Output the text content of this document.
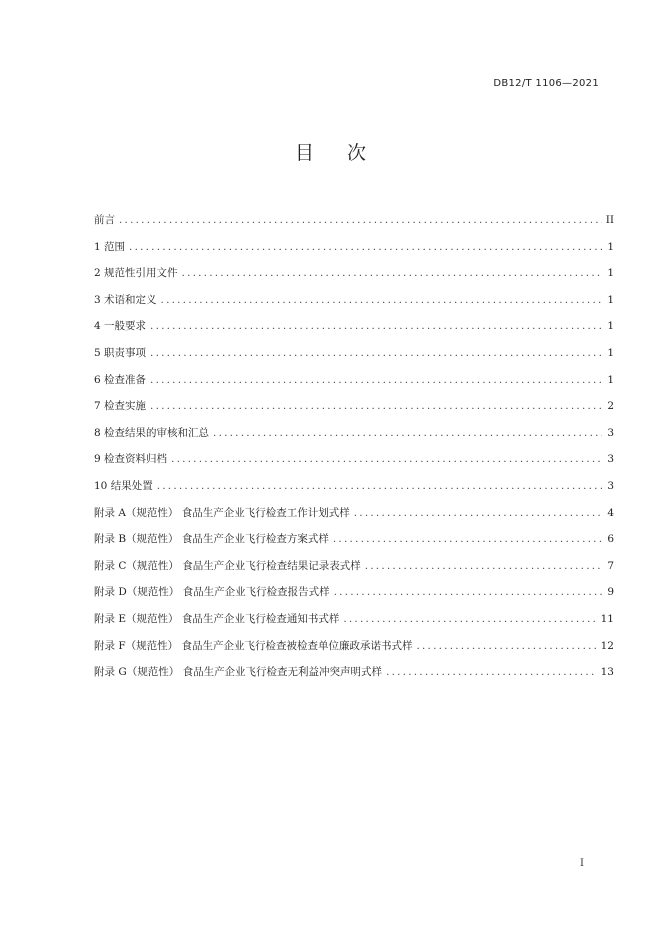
DB12/T 1106—2021
目 次
前言 .....	II
1 范围 .....	1
2 规范性引用文件 .....	1
3 术语和定义 .....	1
4 一般要求 .....	1
5 职责事项 .....	1
6 检查准备 .....	1
7 检查实施 .....	2
8 检查结果的审核和汇总 .....	3
9 检查资料归档 .....	3
10 结果处置 .....	3
附录 A（规范性） 食品生产企业飞行检查工作计划式样 .....	4
附录 B（规范性） 食品生产企业飞行检查方案式样 .....	6
附录 C（规范性） 食品生产企业飞行检查结果记录表式样 .....	7
附录 D（规范性） 食品生产企业飞行检查报告式样 .....	9
附录 E（规范性） 食品生产企业飞行检查通知书式样 .....	11
附录 F（规范性） 食品生产企业飞行检查被检查单位廉政承诺书式样 .....	12
附录 G（规范性） 食品生产企业飞行检查无利益冲突声明式样 .....	13
I
